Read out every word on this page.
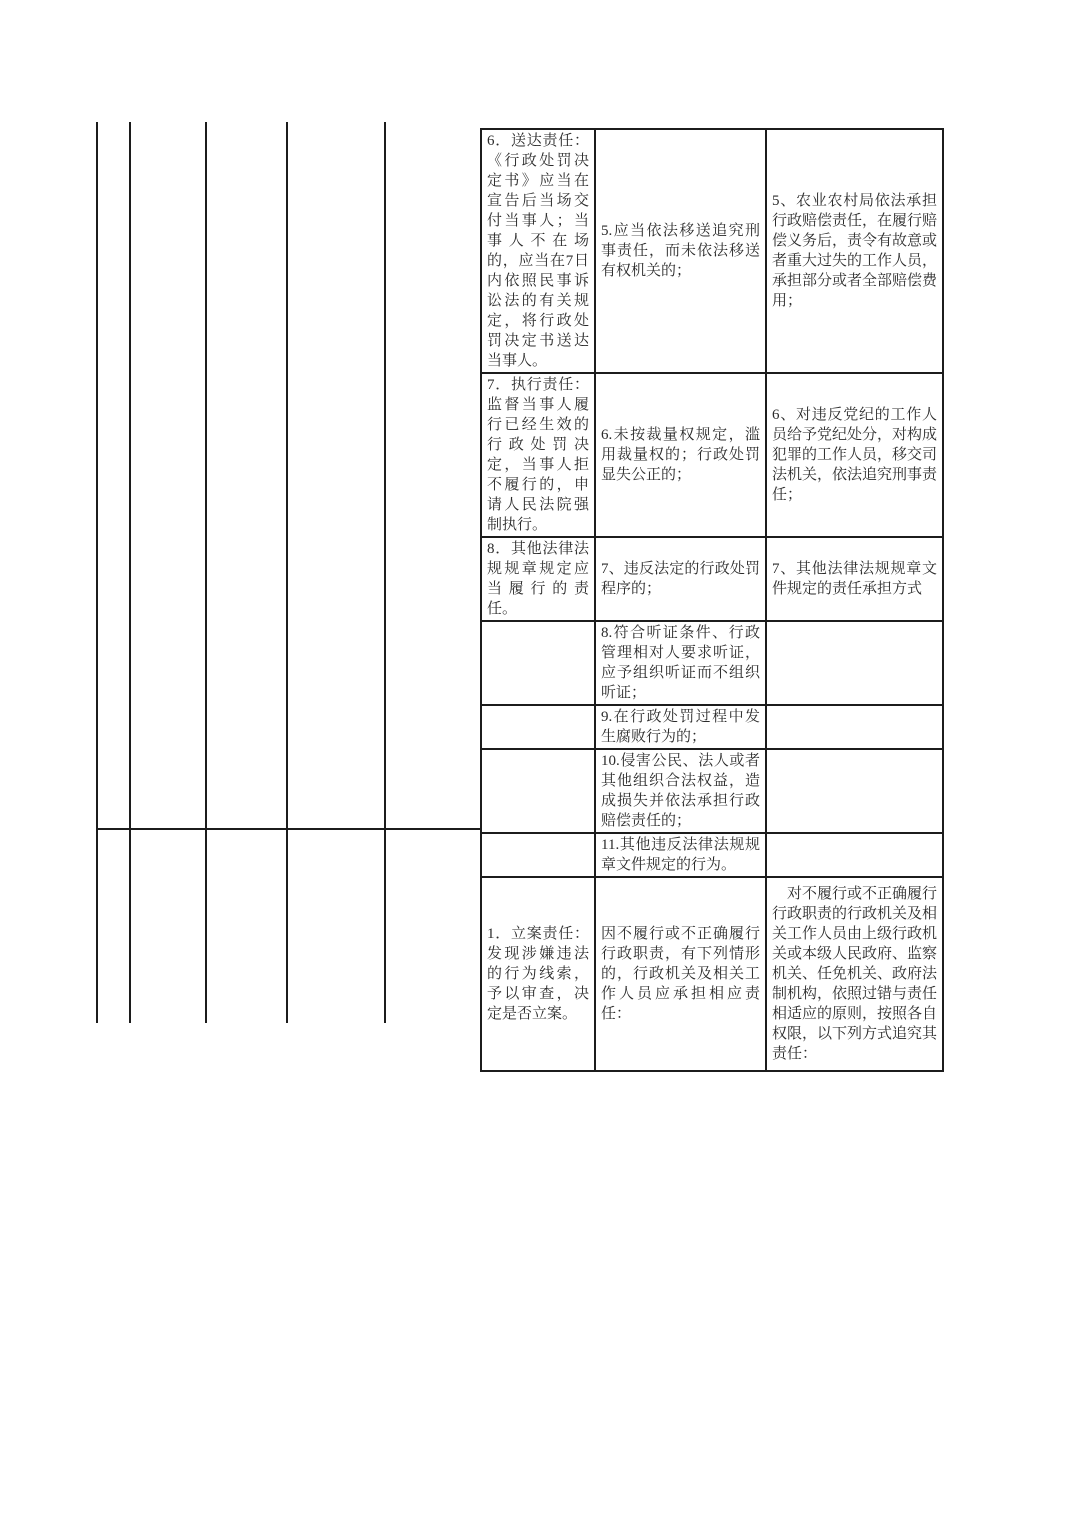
6．送达责任：《行政处罚决定书》应当在宣告后当场交付当事人；当事人不在场的，应当在7日内依照民事诉讼法的有关规定，将行政处罚决定书送达当事人。	5.应当依法移送追究刑事责任，而未依法移送有权机关的；	5、农业农村局依法承担行政赔偿责任，在履行赔偿义务后，责令有故意或者重大过失的工作人员，承担部分或者全部赔偿费用；
7．执行责任：监督当事人履行已经生效的行政处罚决定，当事人拒不履行的，申请人民法院强制执行。	6.未按裁量权规定，滥用裁量权的；行政处罚显失公正的；	6、对违反党纪的工作人员给予党纪处分，对构成犯罪的工作人员，移交司法机关，依法追究刑事责任；
8．其他法律法规规章规定应当履行的责任。	7、违反法定的行政处罚程序的；	7、其他法律法规规章文件规定的责任承担方式
	8.符合听证条件、行政管理相对人要求听证，应予组织听证而不组织听证；	
	9.在行政处罚过程中发生腐败行为的；	
	10.侵害公民、法人或者其他组织合法权益，造成损失并依法承担行政赔偿责任的；	
	11.其他违反法律法规规章文件规定的行为。	
1．立案责任：发现涉嫌违法的行为线索，予以审查，决定是否立案。	因不履行或不正确履行行政职责，有下列情形的，行政机关及相关工作人员应承担相应责任：	对不履行或不正确履行行政职责的行政机关及相关工作人员由上级行政机关或本级人民政府、监察机关、任免机关、政府法制机构，依照过错与责任相适应的原则，按照各自权限，以下列方式追究其责任：
